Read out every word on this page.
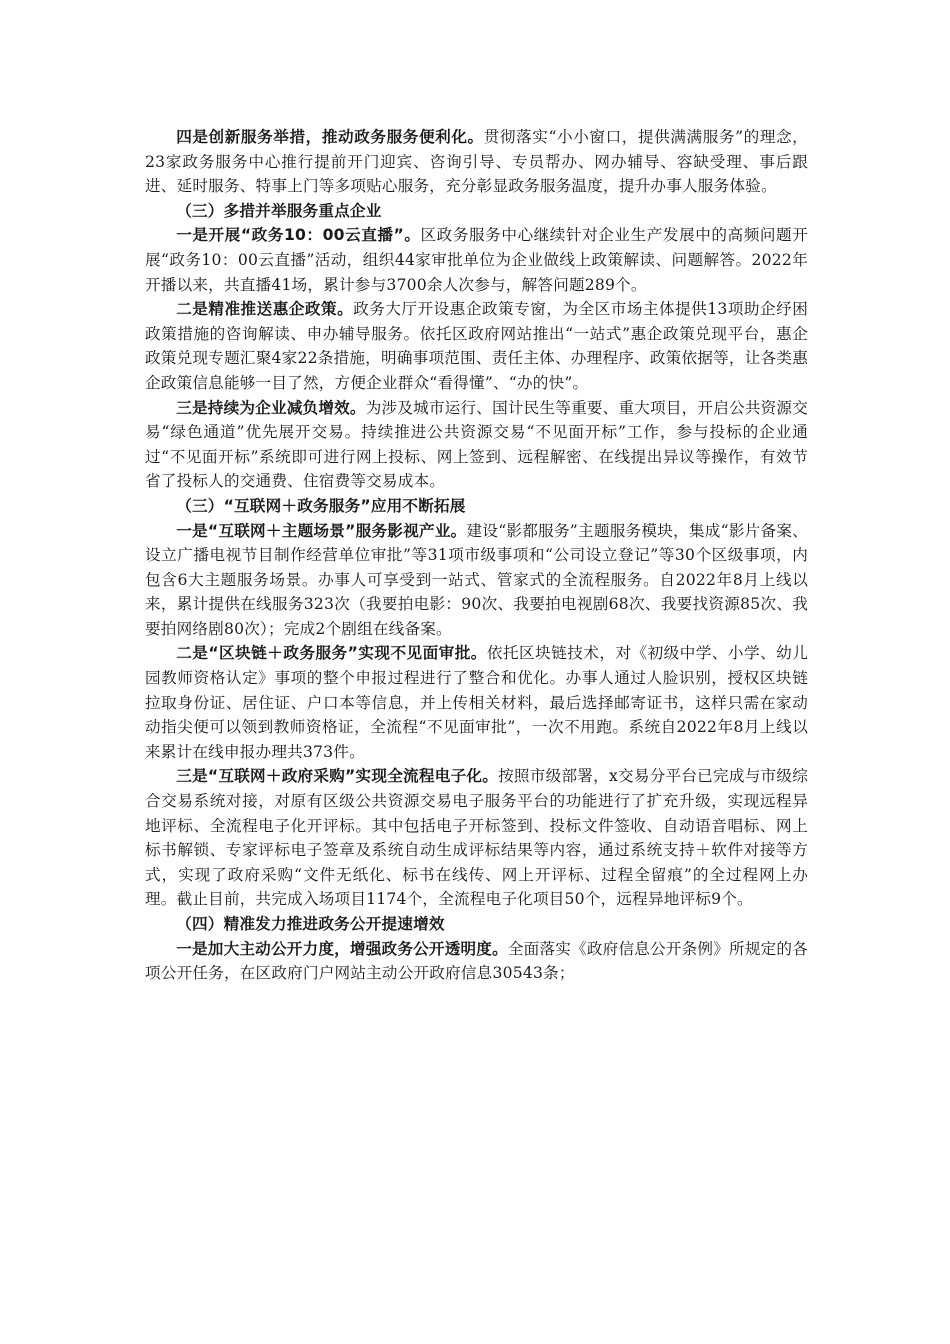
四是创新服务举措，推动政务服务便利化。贯彻落实“小小窗口，提供满满服务”的理念，23家政务服务中心推行提前开门迎宾、咨询引导、专员帮办、网办辅导、容缺受理、事后跟进、延时服务、特事上门等多项贴心服务，充分彰显政务服务温度，提升办事人服务体验。

（三）多措并举服务重点企业

一是开展“政务10：00云直播”。区政务服务中心继续针对企业生产发展中的高频问题开展“政务10：00云直播”活动，组织44家审批单位为企业做线上政策解读、问题解答。2022年开播以来，共直播41场，累计参与3700余人次参与，解答问题289个。

二是精准推送惠企政策。政务大厅开设惠企政策专窗，为全区市场主体提供13项助企纾困政策措施的咨询解读、申办辅导服务。依托区政府网站推出“一站式”惠企政策兑现平台，惠企政策兑现专题汇聚4家22条措施，明确事项范围、责任主体、办理程序、政策依据等，让各类惠企政策信息能够一目了然，方便企业群众“看得懂”、“办的快”。

三是持续为企业减负增效。为涉及城市运行、国计民生等重要、重大项目，开启公共资源交易“绿色通道”优先展开交易。持续推进公共资源交易“不见面开标”工作，参与投标的企业通过“不见面开标”系统即可进行网上投标、网上签到、远程解密、在线提出异议等操作，有效节省了投标人的交通费、住宿费等交易成本。

（三）“互联网＋政务服务”应用不断拓展

一是“互联网＋主题场景”服务影视产业。建设“影都服务”主题服务模块，集成“影片备案、设立广播电视节目制作经营单位审批”等31项市级事项和“公司设立登记”等30个区级事项，内包含6大主题服务场景。办事人可享受到一站式、管家式的全流程服务。自2022年8月上线以来，累计提供在线服务323次（我要拍电影：90次、我要拍电视剧68次、我要找资源85次、我要拍网络剧80次）；完成2个剧组在线备案。

二是“区块链＋政务服务”实现不见面审批。依托区块链技术，对《初级中学、小学、幼儿园教师资格认定》事项的整个申报过程进行了整合和优化。办事人通过人脸识别，授权区块链拉取身份证、居住证、户口本等信息，并上传相关材料，最后选择邮寄证书，这样只需在家动动指尖便可以领到教师资格证，全流程“不见面审批”，一次不用跑。系统自2022年8月上线以来累计在线申报办理共373件。

三是“互联网＋政府采购”实现全流程电子化。按照市级部署，x交易分平台已完成与市级综合交易系统对接，对原有区级公共资源交易电子服务平台的功能进行了扩充升级，实现远程异地评标、全流程电子化开评标。其中包括电子开标签到、投标文件签收、自动语音唱标、网上标书解锁、专家评标电子签章及系统自动生成评标结果等内容，通过系统支持＋软件对接等方式，实现了政府采购“文件无纸化、标书在线传、网上开评标、过程全留痕”的全过程网上办理。截止目前，共完成入场项目1174个，全流程电子化项目50个，远程异地评标9个。

（四）精准发力推进政务公开提速增效

一是加大主动公开力度，增强政务公开透明度。全面落实《政府信息公开条例》所规定的各项公开任务，在区政府门户网站主动公开政府信息30543条；
